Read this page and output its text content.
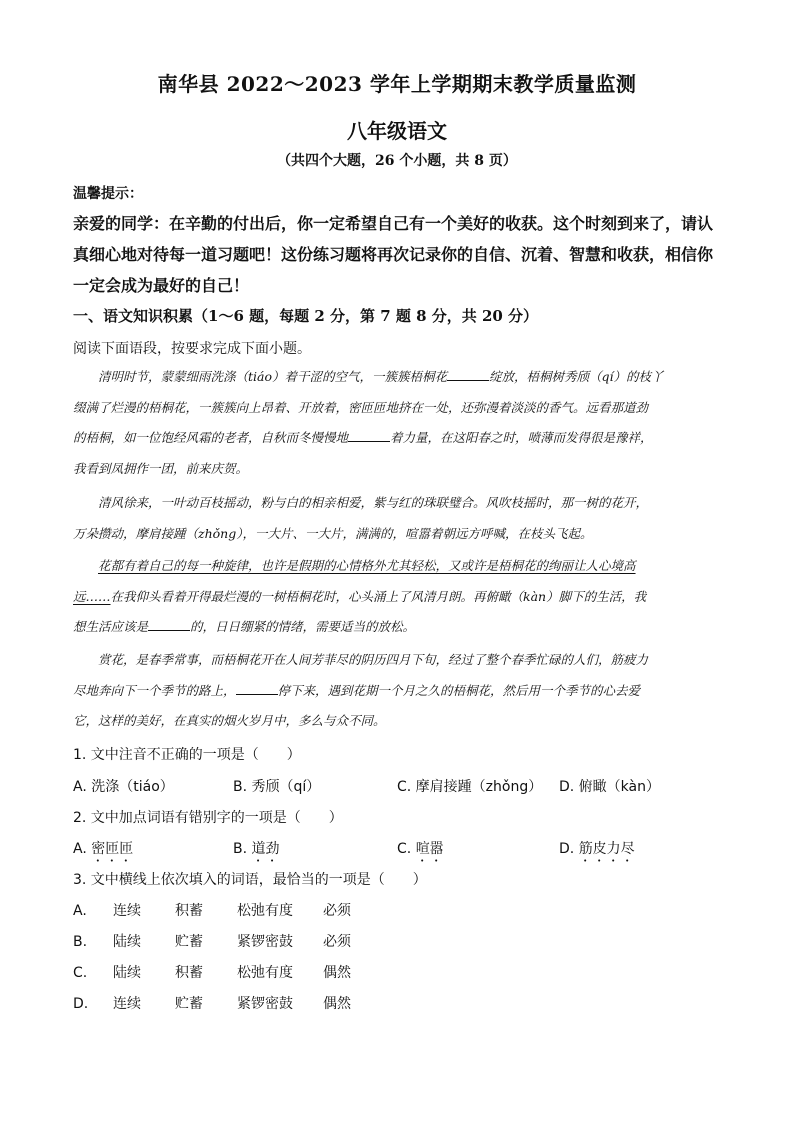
南华县 2022～2023 学年上学期期末教学质量监测
八年级语文
（共四个大题，26 个小题，共 8 页）
温馨提示：
亲爱的同学：在辛勤的付出后，你一定希望自己有一个美好的收获。这个时刻到来了，请认
真细心地对待每一道习题吧！这份练习题将再次记录你的自信、沉着、智慧和收获，相信你
一定会成为最好的自己！
一、语文知识积累（1～6 题，每题 2 分，第 7 题 8 分，共 20 分）
阅读下面语段，按要求完成下面小题。
　　清明时节，蒙蒙细雨洗涤（tiáo）着干涩的空气，一簇簇梧桐花	绽放，梧桐树秀颀（qí）的枝丫
缀满了烂漫的梧桐花，一簇簇向上昂着、开放着，密匝匝地挤在一处，还弥漫着淡淡的香气。远看那道劲
的梧桐，如一位饱经风霜的老者，自秋而冬慢慢地	着力量，在这阳春之时，喷薄而发得很是豫祥，
我看到凤拥作一团，前来庆贺。
　　清风徐来，一叶动百枝摇动，粉与白的相亲相爱，紫与红的珠联璧合。风吹枝摇时，那一树的花开，
万朵攒动，摩肩接踵（zhǒng），一大片、一大片，满满的，喧嚣着朝远方呼喊，在枝头飞起。
　　花都有着自己的每一种旋律，也许是假期的心情格外尤其轻松，又或许是梧桐花的绚丽让人心境高
远……在我仰头看着开得最烂漫的一树梧桐花时，心头涌上了风清月朗。再俯瞰（kàn）脚下的生活，我
想生活应该是	的，日日绷紧的情绪，需要适当的放松。
　　赏花，是春季常事，而梧桐花开在人间芳菲尽的阴历四月下旬，经过了整个春季忙碌的人们，筋疲力
尽地奔向下一个季节的路上，	停下来，遇到花期一个月之久的梧桐花，然后用一个季节的心去爱
它，这样的美好，在真实的烟火岁月中，多么与众不同。
1. 文中注音不正确的一项是（　　）
A. 洗涤（tiáo）	B. 秀颀（qí）	C. 摩肩接踵（zhǒng） D. 俯瞰（kàn）
2. 文中加点词语有错别字的一项是（　　）
A. 密匝匝	B. 道劲	C. 喧嚣	D. 筋皮力尽
3. 文中横线上依次填入的词语，最恰当的一项是（　　）
A. 连续 积蓄 松弛有度 必须
B. 陆续 贮蓄 紧锣密鼓 必须
C. 陆续 积蓄 松弛有度 偶然
D. 连续 贮蓄 紧锣密鼓 偶然
